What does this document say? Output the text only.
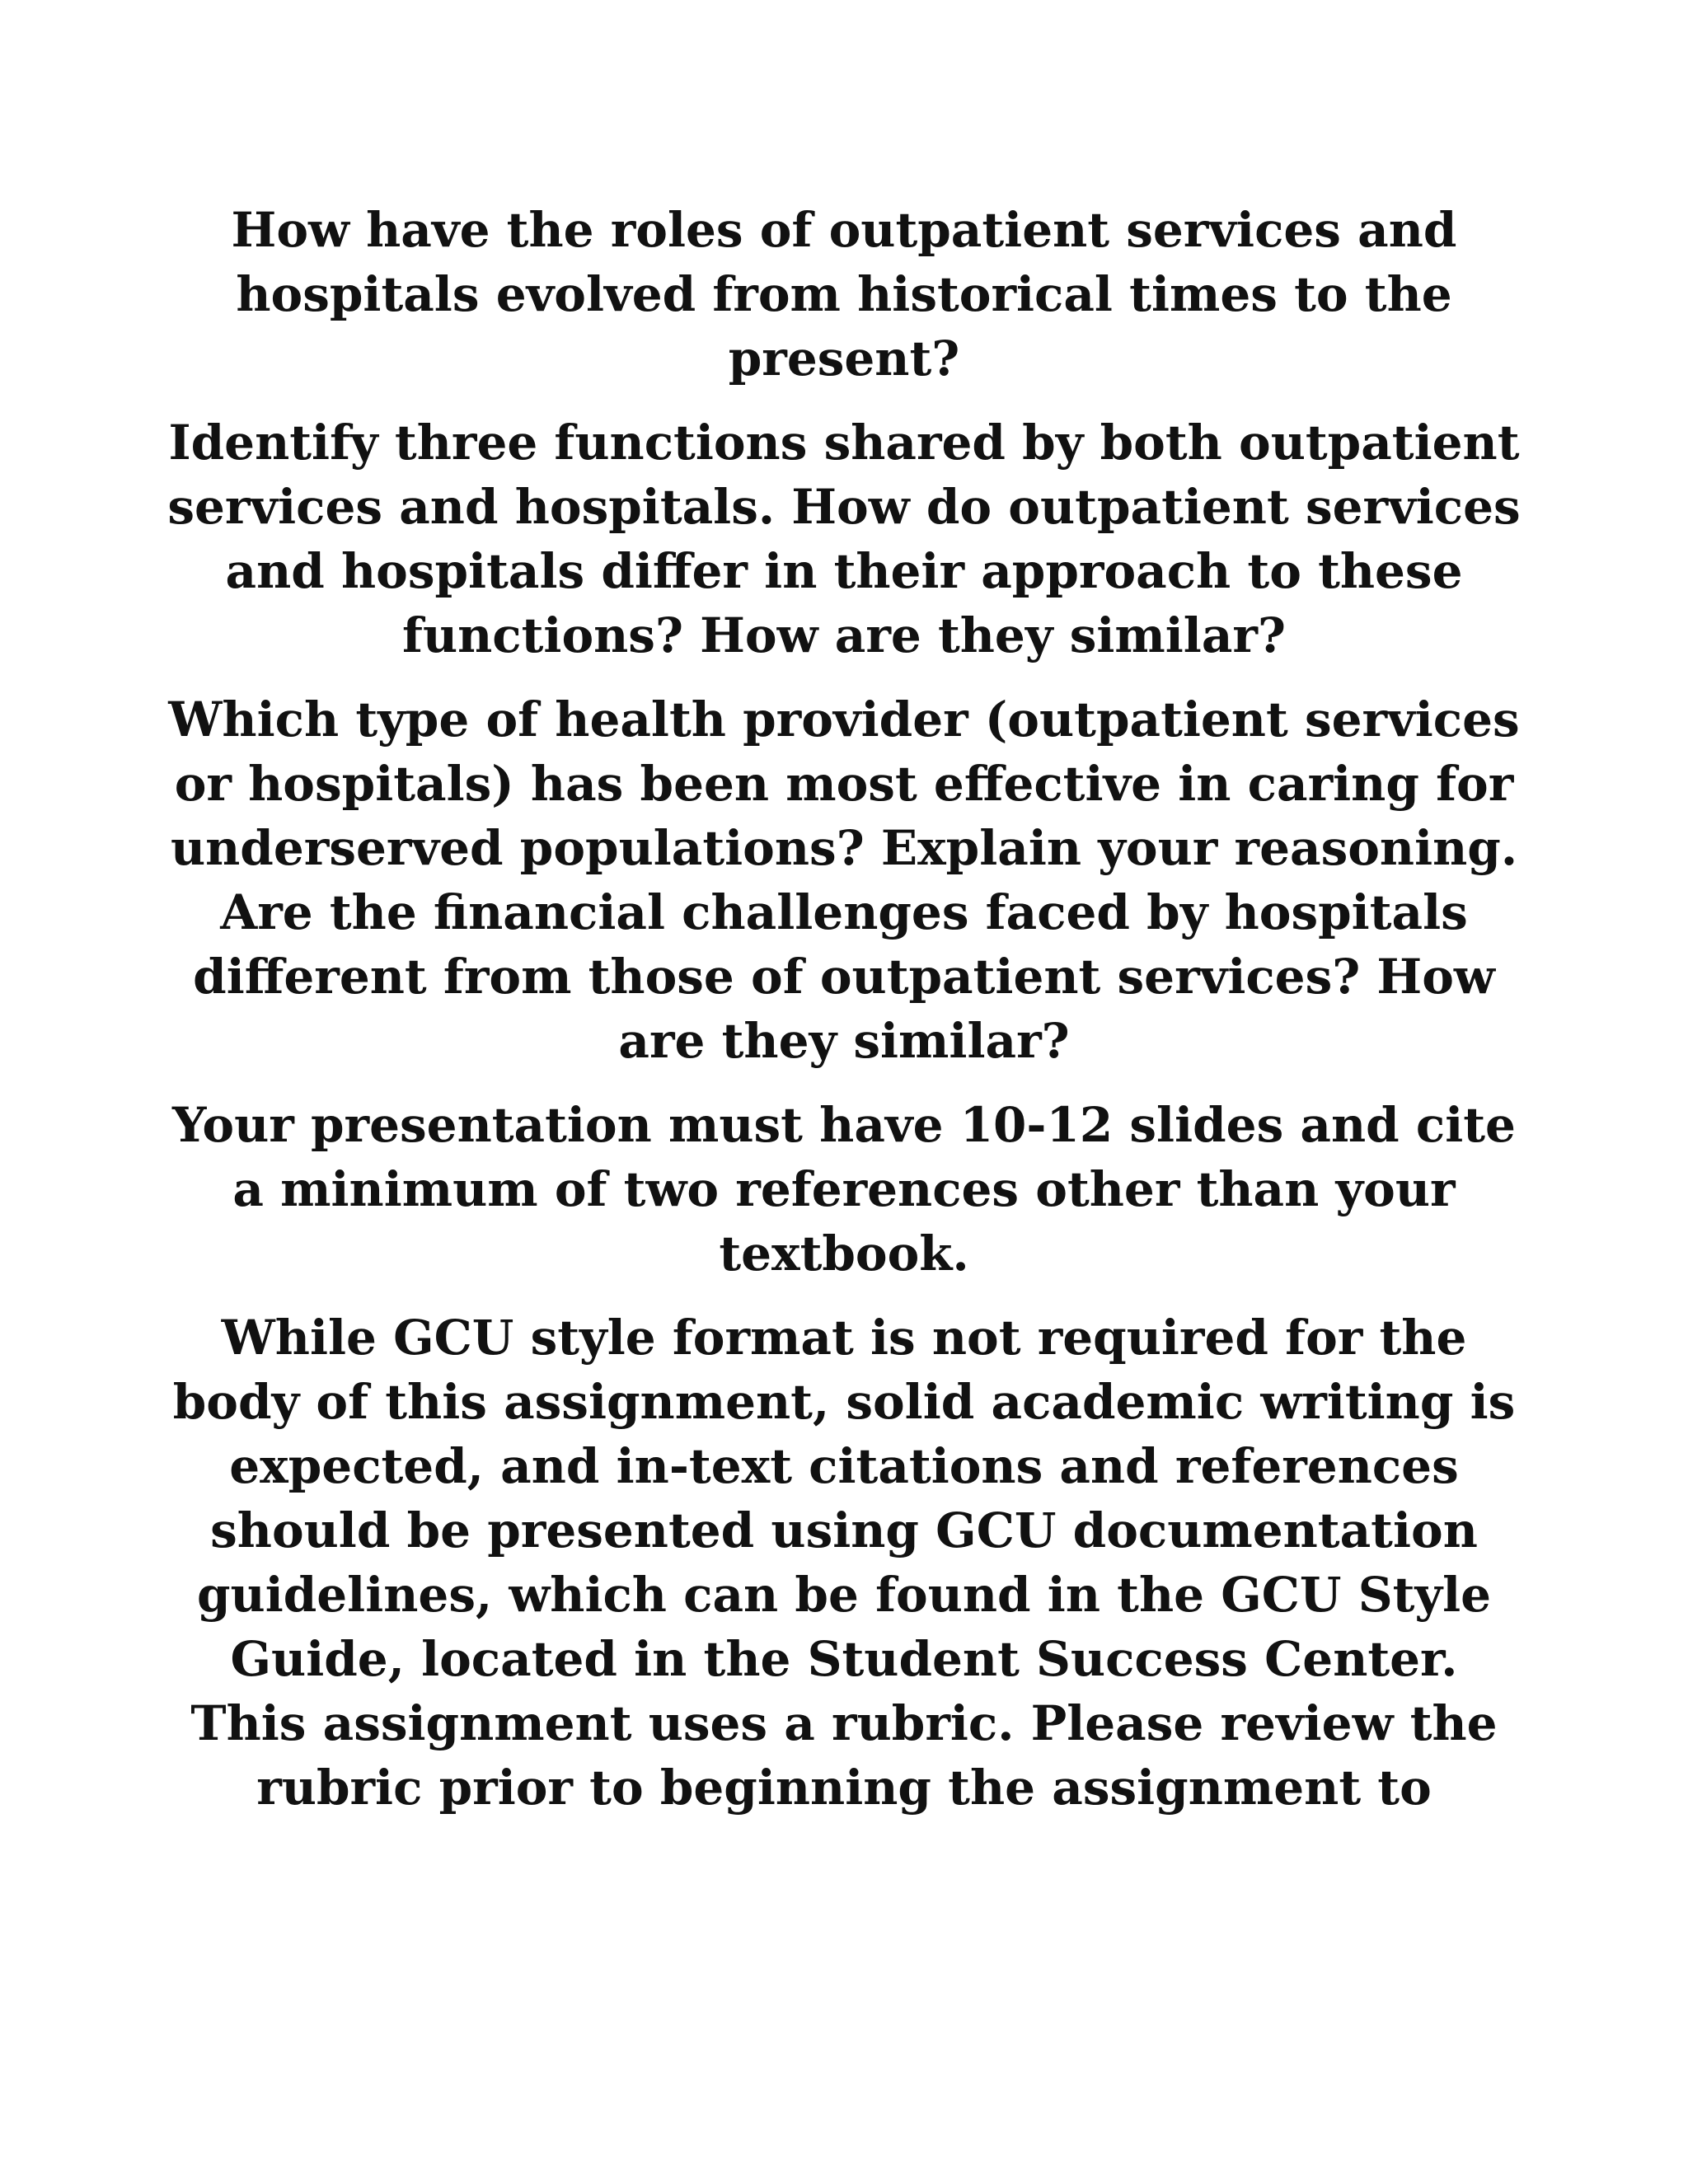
How have the roles of outpatient services and
hospitals evolved from historical times to the
present?

Identify three functions shared by both outpatient
services and hospitals. How do outpatient services
and hospitals differ in their approach to these
functions? How are they similar?

Which type of health provider (outpatient services
or hospitals) has been most effective in caring for
underserved populations? Explain your reasoning.
Are the financial challenges faced by hospitals
different from those of outpatient services? How
are they similar?

Your presentation must have 10-12 slides and cite
a minimum of two references other than your
textbook.

While GCU style format is not required for the
body of this assignment, solid academic writing is
expected, and in-text citations and references
should be presented using GCU documentation
guidelines, which can be found in the GCU Style
Guide, located in the Student Success Center.
This assignment uses a rubric. Please review the
rubric prior to beginning the assignment to
